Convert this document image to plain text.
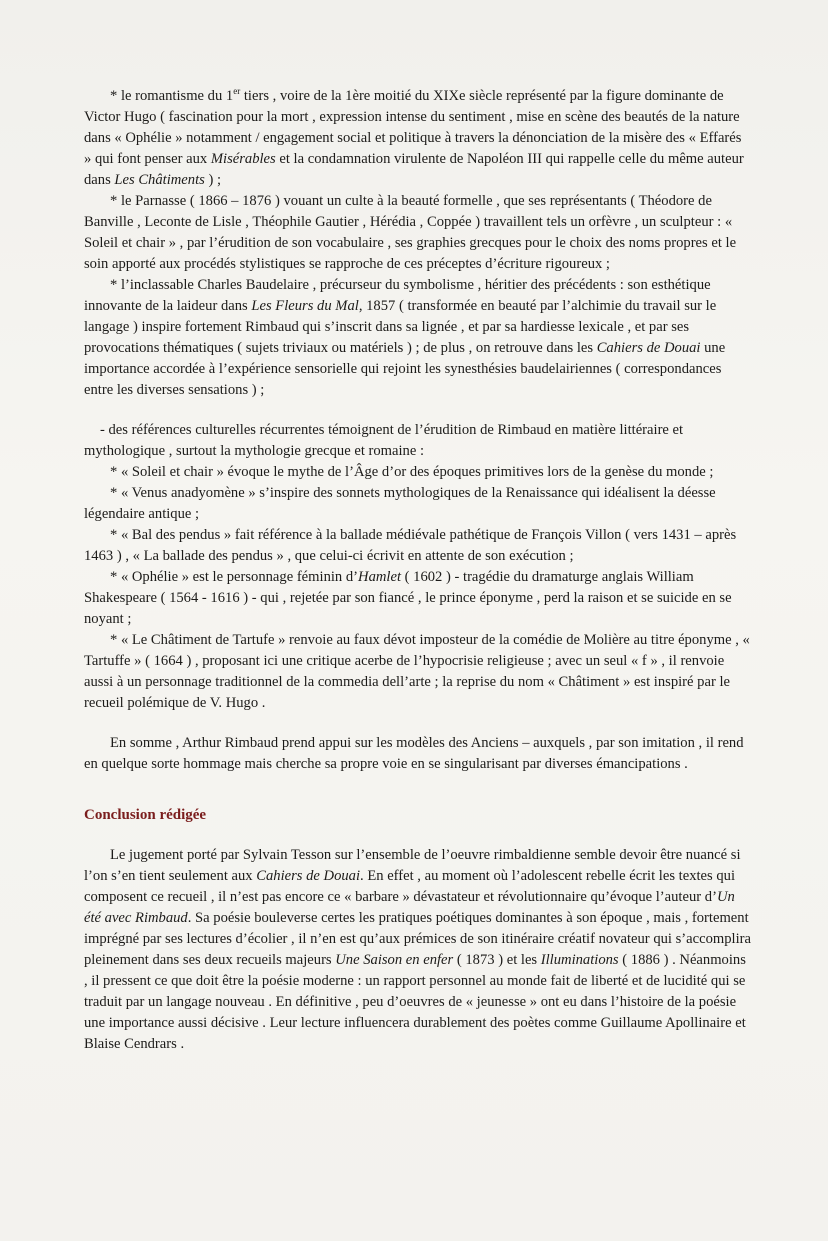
* le romantisme du 1er tiers , voire de la 1ère moitié du XIXe siècle représenté par la figure dominante de Victor Hugo ( fascination pour la mort , expression intense du sentiment , mise en scène des beautés de la nature dans « Ophélie » notamment / engagement social et politique à travers la dénonciation de la misère des « Effarés » qui font penser aux Misérables et la condamnation virulente de Napoléon III qui rappelle celle du même auteur dans Les Châtiments ) ;

* le Parnasse ( 1866 – 1876 ) vouant un culte à la beauté formelle , que ses représentants ( Théodore de Banville , Leconte de Lisle , Théophile Gautier , Hérédia , Coppée ) travaillent tels un orfèvre , un sculpteur : « Soleil et chair » , par l’érudition de son vocabulaire , ses graphies grecques pour le choix des noms propres et le soin apporté aux procédés stylistiques se rapproche de ces préceptes d’écriture rigoureux ;

* l’inclassable Charles Baudelaire , précurseur du symbolisme , héritier des précédents : son esthétique innovante de la laideur dans Les Fleurs du Mal, 1857 ( transformée en beauté par l’alchimie du travail sur le langage ) inspire fortement Rimbaud qui s’inscrit dans sa lignée , et par sa hardiesse lexicale , et par ses provocations thématiques ( sujets triviaux ou matériels ) ; de plus , on retrouve dans les Cahiers de Douai une importance accordée à l’expérience sensorielle qui rejoint les synesthésies baudelairiennes ( correspondances entre les diverses sensations ) ;

- des références culturelles récurrentes témoignent de l’érudition de Rimbaud en matière littéraire et mythologique , surtout la mythologie grecque et romaine :

* « Soleil et chair » évoque le mythe de l’Âge d’or des époques primitives lors de la genèse du monde ;

* « Venus anadyomène » s’inspire des sonnets mythologiques de la Renaissance qui idéalisent la déesse légendaire antique ;

* « Bal des pendus » fait référence à la ballade médiévale pathétique de François Villon ( vers 1431 – après 1463 ) , « La ballade des pendus » , que celui-ci écrivit en attente de son exécution ;

* « Ophélie » est le personnage féminin d’Hamlet ( 1602 ) - tragédie du dramaturge anglais William Shakespeare ( 1564 - 1616 ) - qui , rejetée par son fiancé , le prince éponyme , perd la raison et se suicide en se noyant ;

* « Le Châtiment de Tartufe » renvoie au faux dévot imposteur de la comédie de Molière au titre éponyme , « Tartuffe » ( 1664 ) , proposant ici une critique acerbe de l’hypocrisie religieuse ; avec un seul « f » , il renvoie aussi à un personnage traditionnel de la commedia dell’arte ; la reprise du nom « Châtiment » est inspiré par le recueil polémique de V. Hugo .

En somme , Arthur Rimbaud prend appui sur les modèles des Anciens – auxquels , par son imitation , il rend en quelque sorte hommage mais cherche sa propre voie en se singularisant par diverses émancipations .

Conclusion rédigée

Le jugement porté par Sylvain Tesson sur l’ensemble de l’oeuvre rimbaldienne semble devoir être nuancé si l’on s’en tient seulement aux Cahiers de Douai. En effet , au moment où l’adolescent rebelle écrit les textes qui composent ce recueil , il n’est pas encore ce « barbare » dévastateur et révolutionnaire qu’évoque l’auteur d’Un été avec Rimbaud. Sa poésie bouleverse certes les pratiques poétiques dominantes à son époque , mais , fortement imprégné par ses lectures d’écolier , il n’en est qu’aux prémices de son itinéraire créatif novateur qui s’accomplira pleinement dans ses deux recueils majeurs Une Saison en enfer ( 1873 ) et les Illuminations ( 1886 ) . Néanmoins , il pressent ce que doit être la poésie moderne : un rapport personnel au monde fait de liberté et de lucidité qui se traduit par un langage nouveau . En définitive , peu d’oeuvres de « jeunesse » ont eu dans l’histoire de la poésie une importance aussi décisive . Leur lecture influencera durablement des poètes comme Guillaume Apollinaire et Blaise Cendrars .
